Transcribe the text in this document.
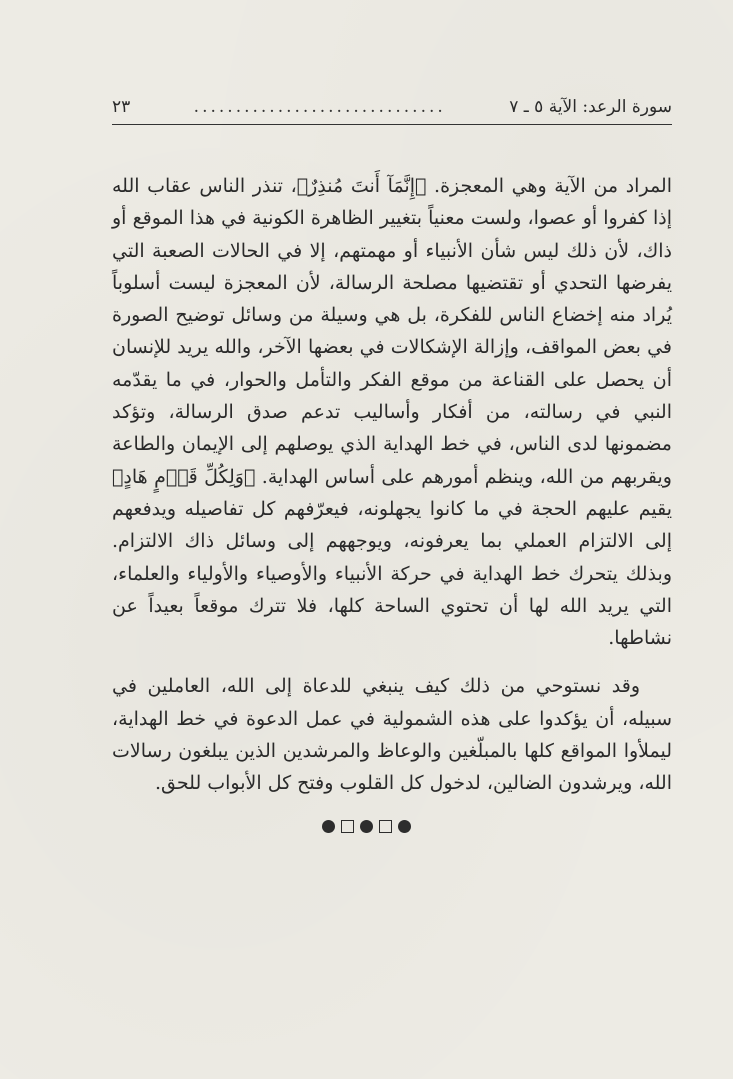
سورة الرعد: الآية ٥ ـ ٧
..............................
٢٣

المراد من الآية وهي المعجزة. ﴿إِنَّمَآ أَنتَ مُنذِرٌ﴾، تنذر الناس عقاب الله إذا كفروا أو عصوا، ولست معنياً بتغيير الظاهرة الكونية في هذا الموقع أو ذاك، لأن ذلك ليس شأن الأنبياء أو مهمتهم، إلا في الحالات الصعبة التي يفرضها التحدي أو تقتضيها مصلحة الرسالة، لأن المعجزة ليست أسلوباً يُراد منه إخضاع الناس للفكرة، بل هي وسيلة من وسائل توضيح الصورة في بعض المواقف، وإزالة الإشكالات في بعضها الآخر، والله يريد للإنسان أن يحصل على القناعة من موقع الفكر والتأمل والحوار، في ما يقدّمه النبي في رسالته، من أفكار وأساليب تدعم صدق الرسالة، وتؤكد مضمونها لدى الناس، في خط الهداية الذي يوصلهم إلى الإيمان والطاعة ويقربهم من الله، وينظم أمورهم على أساس الهداية. ﴿وَلِكُلِّ قَوۡمٍ هَادٍ﴾ يقيم عليهم الحجة في ما كانوا يجهلونه، فيعرّفهم كل تفاصيله ويدفعهم إلى الالتزام العملي بما يعرفونه، ويوجههم إلى وسائل ذاك الالتزام. وبذلك يتحرك خط الهداية في حركة الأنبياء والأوصياء والأولياء والعلماء، التي يريد الله لها أن تحتوي الساحة كلها، فلا تترك موقعاً بعيداً عن نشاطها.

وقد نستوحي من ذلك كيف ينبغي للدعاة إلى الله، العاملين في سبيله، أن يؤكدوا على هذه الشمولية في عمل الدعوة في خط الهداية، ليملأوا المواقع كلها بالمبلّغين والوعاظ والمرشدين الذين يبلغون رسالات الله، ويرشدون الضالين، لدخول كل القلوب وفتح كل الأبواب للحق.
